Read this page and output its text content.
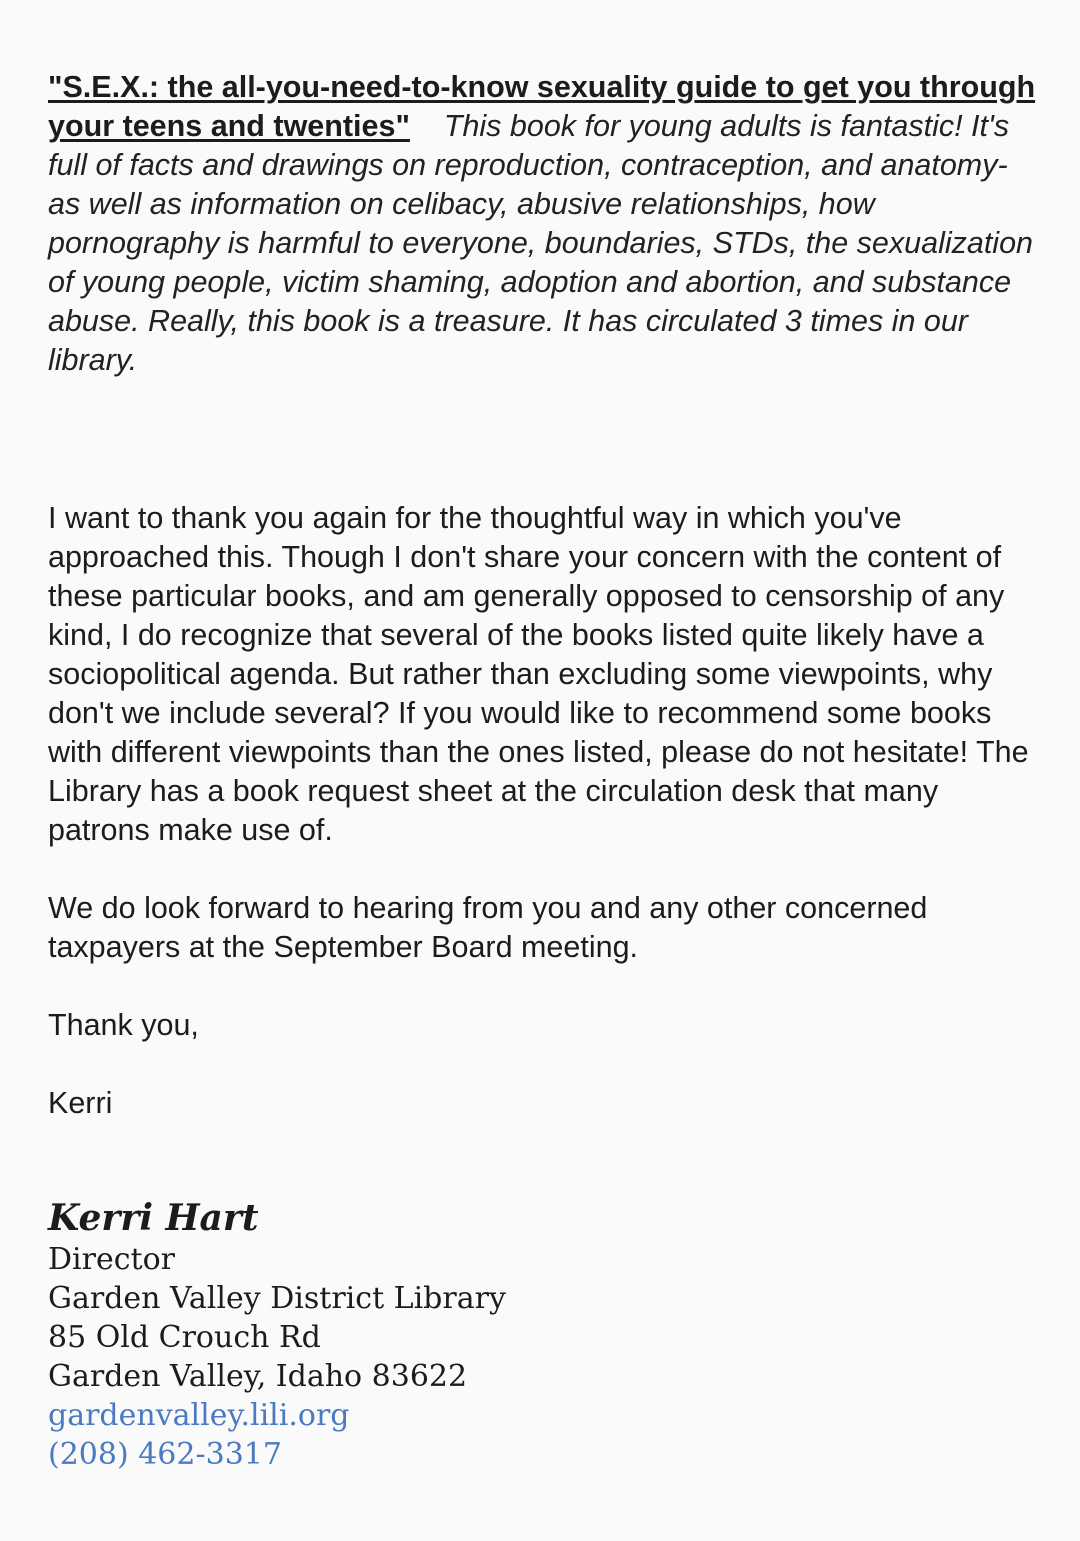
"S.E.X.: the all-you-need-to-know sexuality guide to get you through your teens and twenties" This book for young adults is fantastic! It's full of facts and drawings on reproduction, contraception, and anatomy- as well as information on celibacy, abusive relationships, how pornography is harmful to everyone, boundaries, STDs, the sexualization of young people, victim shaming, adoption and abortion, and substance abuse. Really, this book is a treasure. It has circulated 3 times in our library.

I want to thank you again for the thoughtful way in which you've approached this. Though I don't share your concern with the content of these particular books, and am generally opposed to censorship of any kind, I do recognize that several of the books listed quite likely have a sociopolitical agenda. But rather than excluding some viewpoints, why don't we include several? If you would like to recommend some books with different viewpoints than the ones listed, please do not hesitate! The Library has a book request sheet at the circulation desk that many patrons make use of.

We do look forward to hearing from you and any other concerned taxpayers at the September Board meeting.

Thank you,

Kerri

Kerri Hart
Director
Garden Valley District Library
85 Old Crouch Rd
Garden Valley, Idaho 83622
gardenvalley.lili.org
(208) 462-3317
